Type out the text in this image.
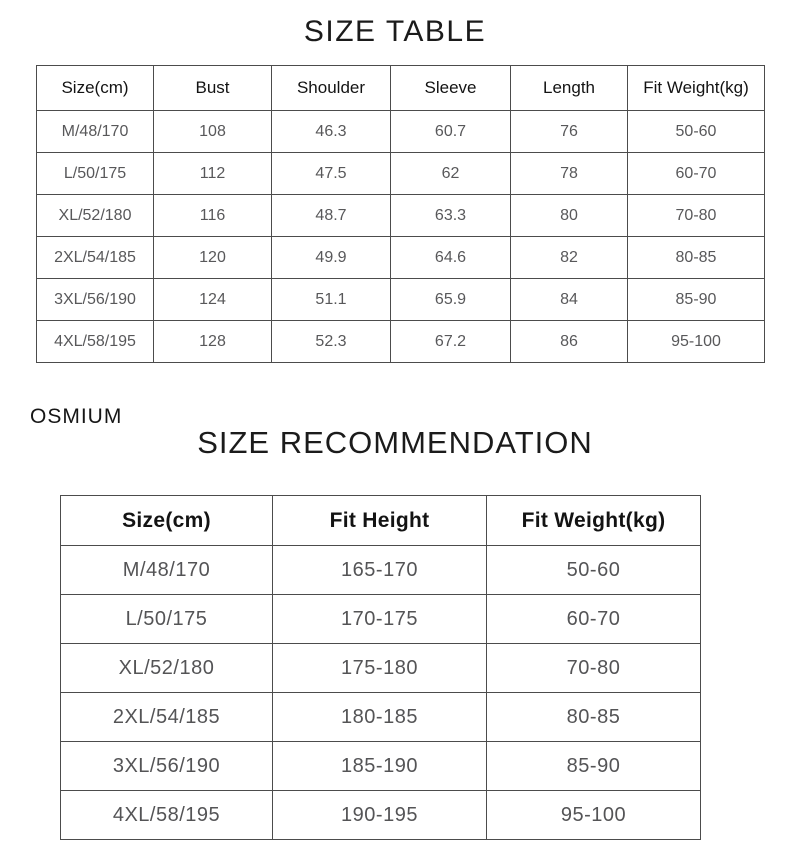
SIZE TABLE
Size(cm)	Bust	Shoulder	Sleeve	Length	Fit Weight(kg)
M/48/170	108	46.3	60.7	76	50-60
L/50/175	112	47.5	62	78	60-70
XL/52/180	116	48.7	63.3	80	70-80
2XL/54/185	120	49.9	64.6	82	80-85
3XL/56/190	124	51.1	65.9	84	85-90
4XL/58/195	128	52.3	67.2	86	95-100
OSMIUM
SIZE RECOMMENDATION
Size(cm)	Fit Height	Fit Weight(kg)
M/48/170	165-170	50-60
L/50/175	170-175	60-70
XL/52/180	175-180	70-80
2XL/54/185	180-185	80-85
3XL/56/190	185-190	85-90
4XL/58/195	190-195	95-100
